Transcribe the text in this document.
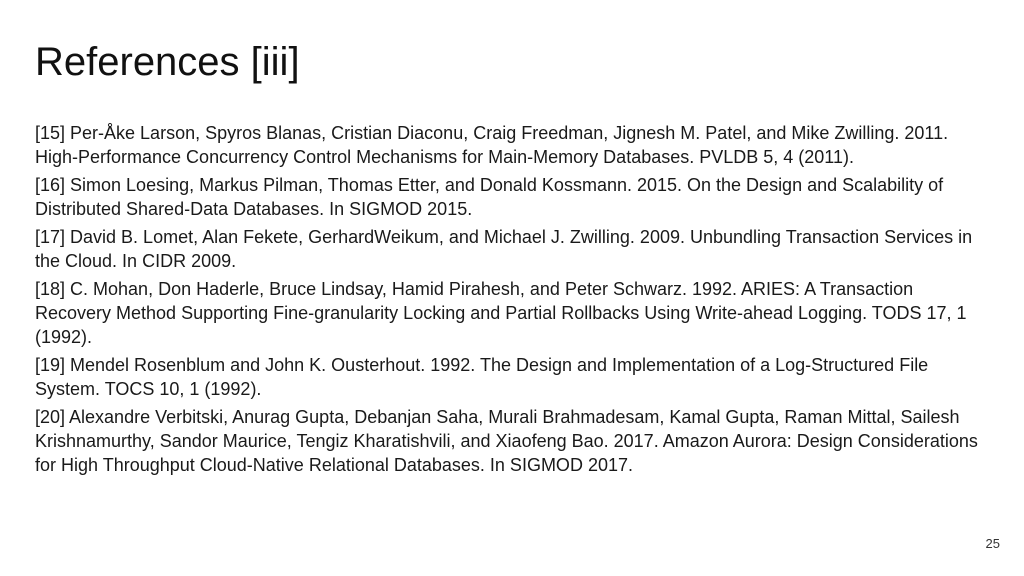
References [iii]
[15] Per-Åke Larson, Spyros Blanas, Cristian Diaconu, Craig Freedman, Jignesh M. Patel, and Mike Zwilling. 2011. High-Performance Concurrency Control Mechanisms for Main-Memory Databases. PVLDB 5, 4 (2011).
[16] Simon Loesing, Markus Pilman, Thomas Etter, and Donald Kossmann. 2015. On the Design and Scalability of Distributed Shared-Data Databases. In SIGMOD 2015.
[17] David B. Lomet, Alan Fekete, GerhardWeikum, and Michael J. Zwilling. 2009. Unbundling Transaction Services in the Cloud. In CIDR 2009.
[18] C. Mohan, Don Haderle, Bruce Lindsay, Hamid Pirahesh, and Peter Schwarz. 1992. ARIES: A Transaction Recovery Method Supporting Fine-granularity Locking and Partial Rollbacks Using Write-ahead Logging. TODS 17, 1 (1992).
[19] Mendel Rosenblum and John K. Ousterhout. 1992. The Design and Implementation of a Log-Structured File System. TOCS 10, 1 (1992).
[20] Alexandre Verbitski, Anurag Gupta, Debanjan Saha, Murali Brahmadesam, Kamal Gupta, Raman Mittal, Sailesh Krishnamurthy, Sandor Maurice, Tengiz Kharatishvili, and Xiaofeng Bao. 2017. Amazon Aurora: Design Considerations for High Throughput Cloud-Native Relational Databases. In SIGMOD 2017.
25
